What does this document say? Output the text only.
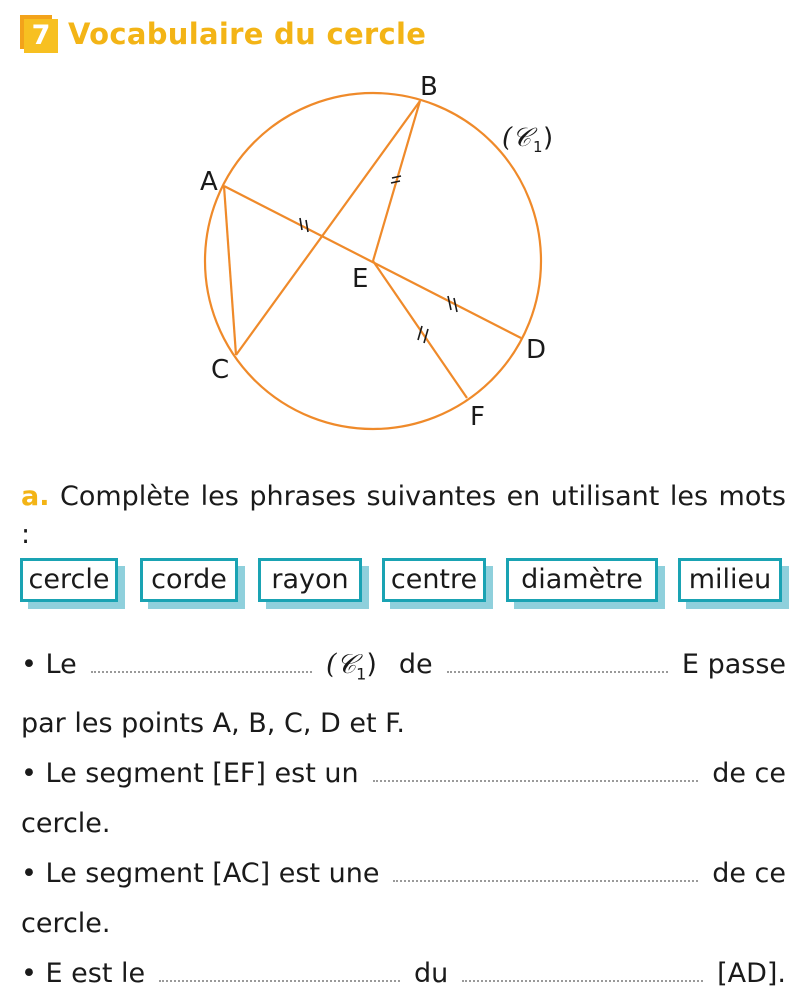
7 Vocabulaire du cercle
B
A
E
D
C
F
(𝒞 1 )
a. Complète les phrases suivantes en utilisant les mots :
cercle	corde	rayon	centre	diamètre	milieu
• Le	(𝒞$_1$) de	E passe
par les points A, B, C, D et F.
• Le segment [EF] est un	de ce
cercle.
• Le segment [AC] est une	de ce
cercle.
• E est le	du	[AD].
